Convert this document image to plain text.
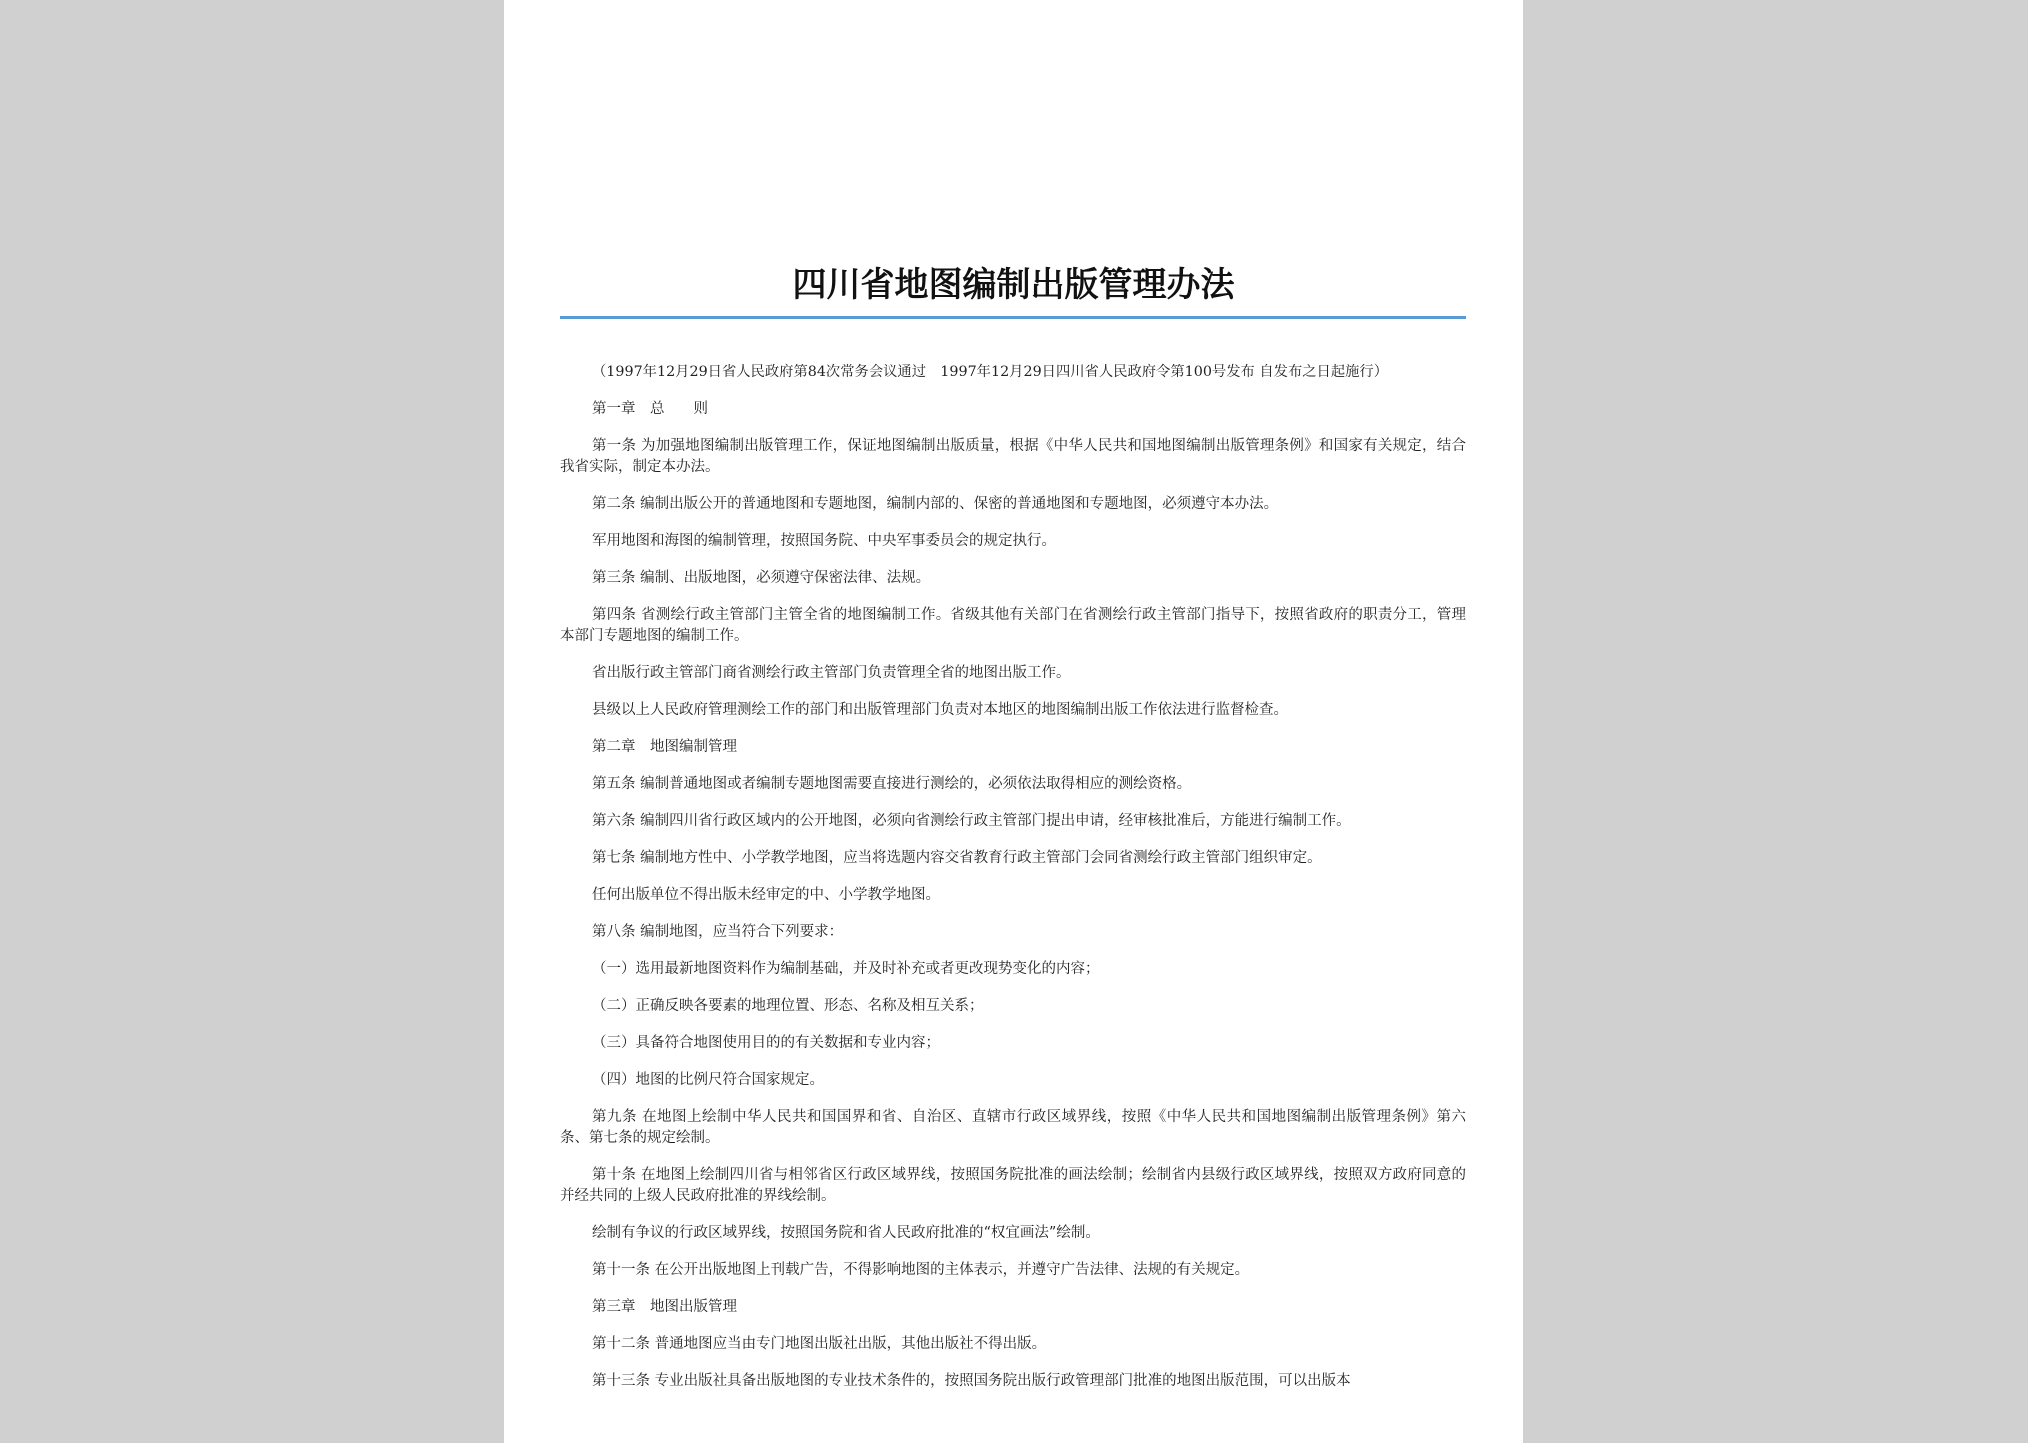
四川省地图编制出版管理办法

（1997年12月29日省人民政府第84次常务会议通过　1997年12月29日四川省人民政府令第100号发布 自发布之日起施行）

第一章　总　　则

第一条 为加强地图编制出版管理工作，保证地图编制出版质量，根据《中华人民共和国地图编制出版管理条例》和国家有关规定，结合我省实际，制定本办法。

第二条 编制出版公开的普通地图和专题地图，编制内部的、保密的普通地图和专题地图，必须遵守本办法。

军用地图和海图的编制管理，按照国务院、中央军事委员会的规定执行。

第三条 编制、出版地图，必须遵守保密法律、法规。

第四条 省测绘行政主管部门主管全省的地图编制工作。省级其他有关部门在省测绘行政主管部门指导下，按照省政府的职责分工，管理本部门专题地图的编制工作。

省出版行政主管部门商省测绘行政主管部门负责管理全省的地图出版工作。

县级以上人民政府管理测绘工作的部门和出版管理部门负责对本地区的地图编制出版工作依法进行监督检查。

第二章　地图编制管理

第五条 编制普通地图或者编制专题地图需要直接进行测绘的，必须依法取得相应的测绘资格。

第六条 编制四川省行政区域内的公开地图，必须向省测绘行政主管部门提出申请，经审核批准后，方能进行编制工作。

第七条 编制地方性中、小学教学地图，应当将选题内容交省教育行政主管部门会同省测绘行政主管部门组织审定。

任何出版单位不得出版未经审定的中、小学教学地图。

第八条 编制地图，应当符合下列要求：

（一）选用最新地图资料作为编制基础，并及时补充或者更改现势变化的内容；

（二）正确反映各要素的地理位置、形态、名称及相互关系；

（三）具备符合地图使用目的的有关数据和专业内容；

（四）地图的比例尺符合国家规定。

第九条 在地图上绘制中华人民共和国国界和省、自治区、直辖市行政区域界线，按照《中华人民共和国地图编制出版管理条例》第六条、第七条的规定绘制。

第十条 在地图上绘制四川省与相邻省区行政区域界线，按照国务院批准的画法绘制；绘制省内县级行政区域界线，按照双方政府同意的并经共同的上级人民政府批准的界线绘制。

绘制有争议的行政区域界线，按照国务院和省人民政府批准的“权宜画法”绘制。

第十一条 在公开出版地图上刊载广告，不得影响地图的主体表示，并遵守广告法律、法规的有关规定。

第三章　地图出版管理

第十二条 普通地图应当由专门地图出版社出版，其他出版社不得出版。

第十三条 专业出版社具备出版地图的专业技术条件的，按照国务院出版行政管理部门批准的地图出版范围，可以出版本
